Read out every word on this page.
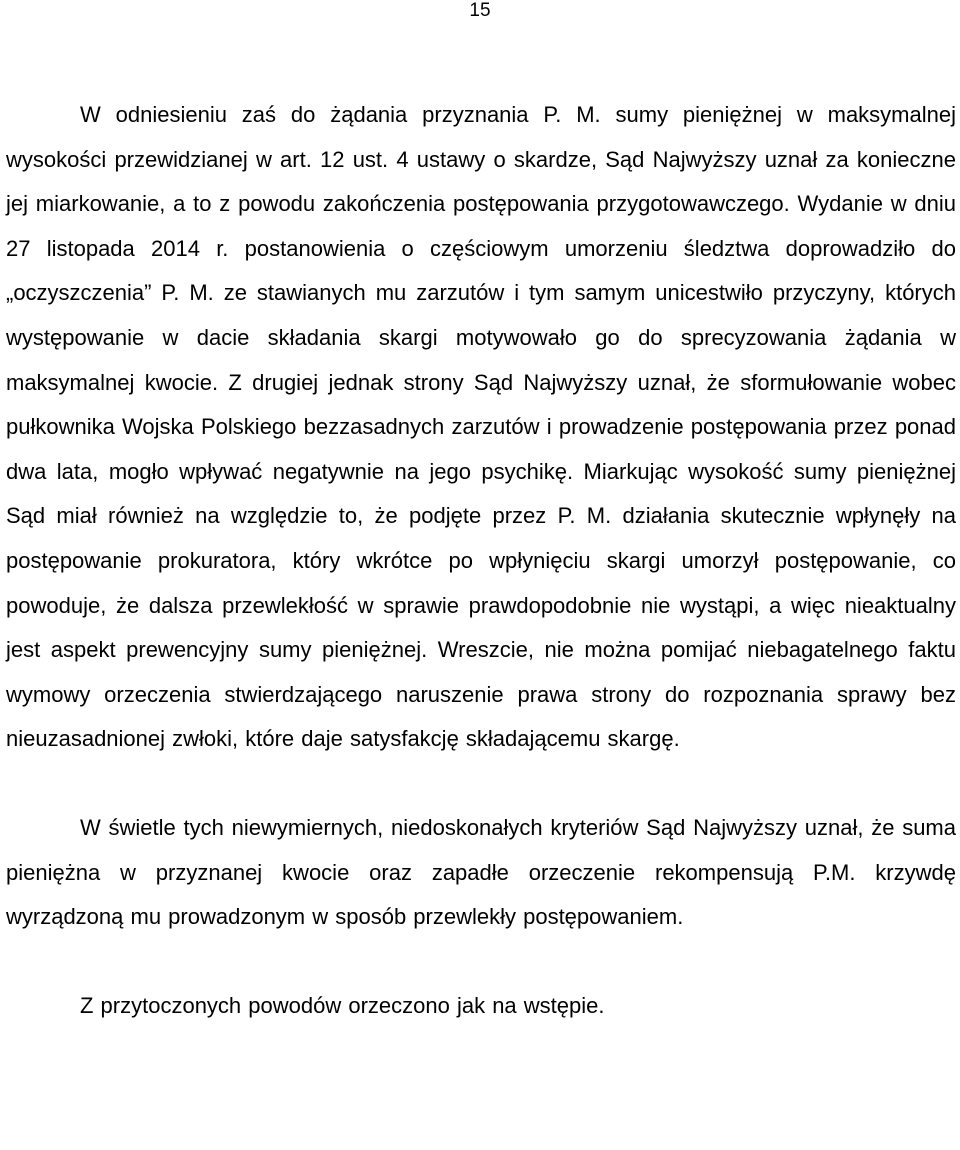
15

W odniesieniu zaś do żądania przyznania P. M. sumy pieniężnej w maksymalnej wysokości przewidzianej w art. 12 ust. 4 ustawy o skardze, Sąd Najwyższy uznał za konieczne jej miarkowanie, a to z powodu zakończenia postępowania przygotowawczego. Wydanie w dniu 27 listopada 2014 r. postanowienia o częściowym umorzeniu śledztwa doprowadziło do „oczyszczenia” P. M. ze stawianych mu zarzutów i tym samym unicestwiło przyczyny, których występowanie w dacie składania skargi motywowało go do sprecyzowania żądania w maksymalnej kwocie. Z drugiej jednak strony Sąd Najwyższy uznał, że sformułowanie wobec pułkownika Wojska Polskiego bezzasadnych zarzutów i prowadzenie postępowania przez ponad dwa lata, mogło wpływać negatywnie na jego psychikę. Miarkując wysokość sumy pieniężnej Sąd miał również na względzie to, że podjęte przez P. M. działania skutecznie wpłynęły na postępowanie prokuratora, który wkrótce po wpłynięciu skargi umorzył postępowanie, co powoduje, że dalsza przewlekłość w sprawie prawdopodobnie nie wystąpi, a więc nieaktualny jest aspekt prewencyjny sumy pieniężnej. Wreszcie, nie można pomijać niebagatelnego faktu wymowy orzeczenia stwierdzającego naruszenie prawa strony do rozpoznania sprawy bez nieuzasadnionej zwłoki, które daje satysfakcję składającemu skargę.

W świetle tych niewymiernych, niedoskonałych kryteriów Sąd Najwyższy uznał, że suma pieniężna w przyznanej kwocie oraz zapadłe orzeczenie rekompensują P.M. krzywdę wyrządzoną mu prowadzonym w sposób przewlekły postępowaniem.

Z przytoczonych powodów orzeczono jak na wstępie.
